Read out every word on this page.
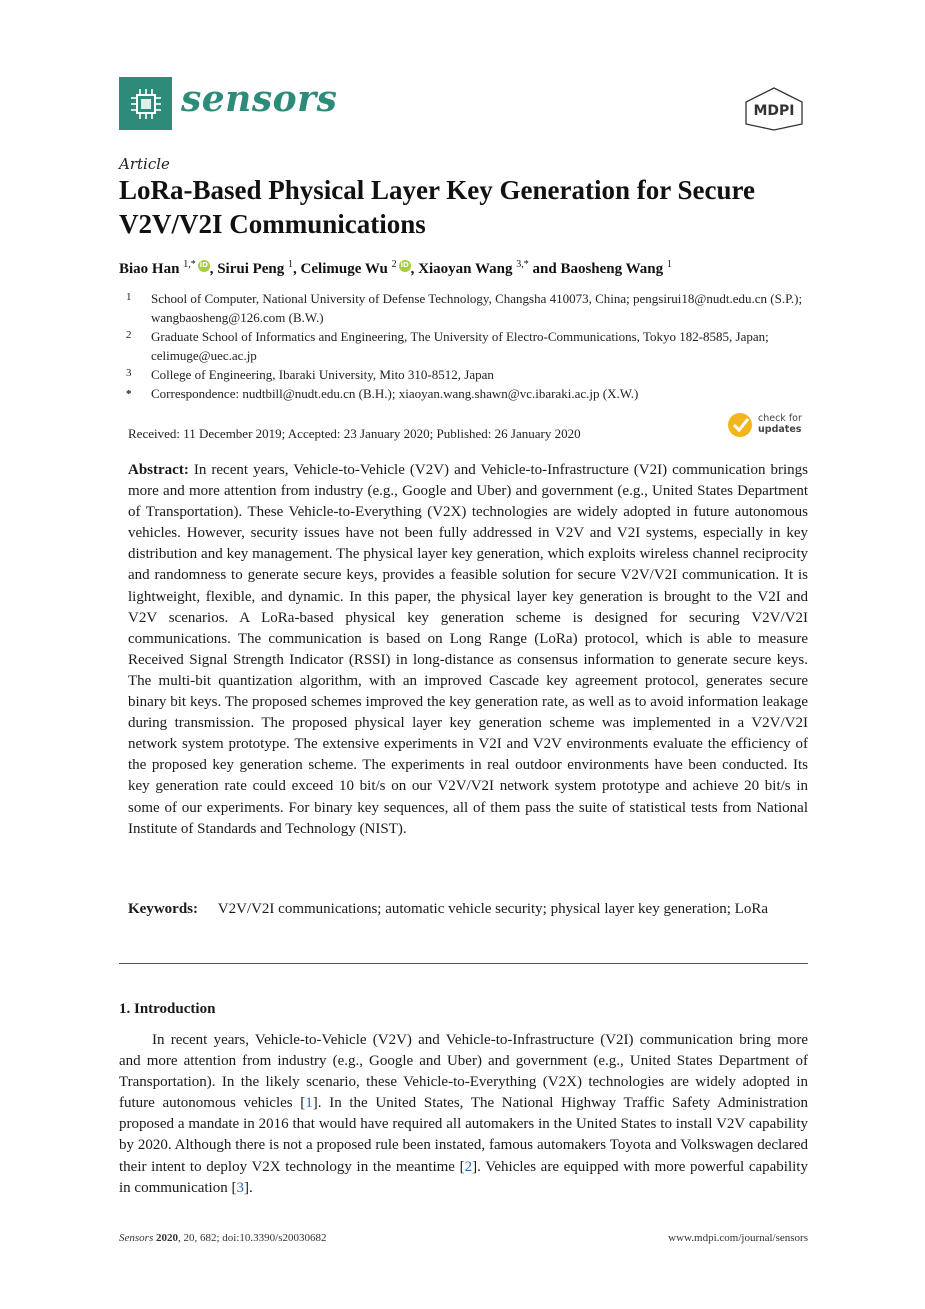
sensors	MDPI
Article
LoRa-Based Physical Layer Key Generation for Secure V2V/V2I Communications
Biao Han $^{1,*}$ iD , Sirui Peng $^1$, Celimuge Wu $^2$ iD , Xiaoyan Wang $^{3,*}$ and Baosheng Wang $^1$
1 School of Computer, National University of Defense Technology, Changsha 410073, China; pengsirui18@nudt.edu.cn (S.P.); wangbaosheng@126.com (B.W.)
2 Graduate School of Informatics and Engineering, The University of Electro-Communications, Tokyo 182-8585, Japan; celimuge@uec.ac.jp
3 College of Engineering, Ibaraki University, Mito 310-8512, Japan
* Correspondence: nudtbill@nudt.edu.cn (B.H.); xiaoyan.wang.shawn@vc.ibaraki.ac.jp (X.W.)
Received: 11 December 2019; Accepted: 23 January 2020; Published: 26 January 2020
check for
updates
Abstract: In recent years, Vehicle-to-Vehicle (V2V) and Vehicle-to-Infrastructure (V2I) communication brings more and more attention from industry (e.g., Google and Uber) and government (e.g., United States Department of Transportation). These Vehicle-to-Everything (V2X) technologies are widely adopted in future autonomous vehicles. However, security issues have not been fully addressed in V2V and V2I systems, especially in key distribution and key management. The physical layer key generation, which exploits wireless channel reciprocity and randomness to generate secure keys, provides a feasible solution for secure V2V/V2I communication. It is lightweight, flexible, and dynamic. In this paper, the physical layer key generation is brought to the V2I and V2V scenarios. A LoRa-based physical key generation scheme is designed for securing V2V/V2I communications. The communication is based on Long Range (LoRa) protocol, which is able to measure Received Signal Strength Indicator (RSSI) in long-distance as consensus information to generate secure keys. The multi-bit quantization algorithm, with an improved Cascade key agreement protocol, generates secure binary bit keys. The proposed schemes improved the key generation rate, as well as to avoid information leakage during transmission. The proposed physical layer key generation scheme was implemented in a V2V/V2I network system prototype. The extensive experiments in V2I and V2V environments evaluate the efficiency of the proposed key generation scheme. The experiments in real outdoor environments have been conducted. Its key generation rate could exceed 10 bit/s on our V2V/V2I network system prototype and achieve 20 bit/s in some of our experiments. For binary key sequences, all of them pass the suite of statistical tests from National Institute of Standards and Technology (NIST).
Keywords: V2V/V2I communications; automatic vehicle security; physical layer key generation; LoRa
1. Introduction
In recent years, Vehicle-to-Vehicle (V2V) and Vehicle-to-Infrastructure (V2I) communication bring more and more attention from industry (e.g., Google and Uber) and government (e.g., United States Department of Transportation). In the likely scenario, these Vehicle-to-Everything (V2X) technologies are widely adopted in future autonomous vehicles [1]. In the United States, The National Highway Traffic Safety Administration proposed a mandate in 2016 that would have required all automakers in the United States to install V2V capability by 2020. Although there is not a proposed rule been instated, famous automakers Toyota and Volkswagen declared their intent to deploy V2X technology in the meantime [2]. Vehicles are equipped with more powerful capability in communication [3].
Sensors 2020, 20, 682; doi:10.3390/s20030682	www.mdpi.com/journal/sensors
